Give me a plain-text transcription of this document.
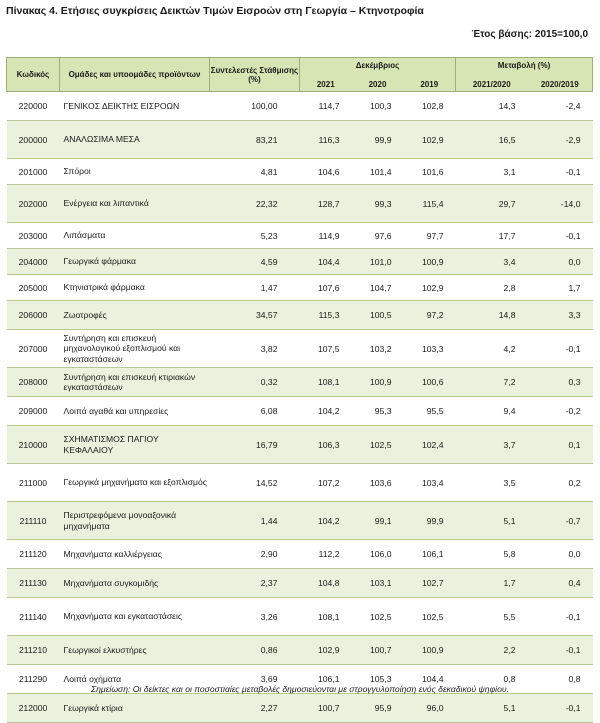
Πίνακας 4. Ετήσιες συγκρίσεις Δεικτών Τιμών Εισροών στη Γεωργία – Κτηνοτροφία
Έτος βάσης: 2015=100,0
Κωδικός	Ομάδες και υποομάδες προϊόντων	Συντελεστές Στάθμισης (%)	Δεκέμβριος			Μεταβολή (%)	
			2021	2020	2019	2021/2020	2020/2019
220000	ΓΕΝΙΚΟΣ ΔΕΙΚΤΗΣ ΕΙΣΡΟΩΝ	100,00	114,7	100,3	102,8	14,3	-2,4
200000	ΑΝΑΛΩΣΙΜΑ ΜΕΣΑ	83,21	116,3	99,9	102,9	16,5	-2,9
201000	Σπόροι	4,81	104,6	101,4	101,6	3,1	-0,1
202000	Ενέργεια και λιπαντικά	22,32	128,7	99,3	115,4	29,7	-14,0
203000	Λιπάσματα	5,23	114,9	97,6	97,7	17,7	-0,1
204000	Γεωργικά φάρμακα	4,59	104,4	101,0	100,9	3,4	0,0
205000	Κτηνιατρικά φάρμακα	1,47	107,6	104,7	102,9	2,8	1,7
206000	Ζωοτροφές	34,57	115,3	100,5	97,2	14,8	3,3
207000	Συντήρηση και επισκευή μηχανολογικού εξοπλισμού και εγκαταστάσεων	3,82	107,5	103,2	103,3	4,2	-0,1
208000	Συντήρηση και επισκευή κτιριακών εγκαταστάσεων	0,32	108,1	100,9	100,6	7,2	0,3
209000	Λοιπά αγαθά και υπηρεσίες	6,08	104,2	95,3	95,5	9,4	-0,2
210000	ΣΧΗΜΑΤΙΣΜΟΣ ΠΑΓΙΟΥ ΚΕΦΑΛΑΙΟΥ	16,79	106,3	102,5	102,4	3,7	0,1
211000	Γεωργικά μηχανήματα και εξοπλισμός	14,52	107,2	103,6	103,4	3,5	0,2
211110	Περιστρεφόμενα μονοαξονικά μηχανήματα	1,44	104,2	99,1	99,9	5,1	-0,7
211120	Μηχανήματα καλλιέργειας	2,90	112,2	106,0	106,1	5,8	0,0
211130	Μηχανήματα συγκομιδής	2,37	104,8	103,1	102,7	1,7	0,4
211140	Μηχανήματα και εγκαταστάσεις	3,26	108,1	102,5	102,5	5,5	-0,1
211210	Γεωργικοί ελκυστήρες	0,86	102,9	100,7	100,9	2,2	-0,1
211290	Λοιπά οχήματα	3,69	106,1	105,3	104,4	0,8	0,8
212000	Γεωργικά κτίρια	2,27	100,7	95,9	96,0	5,1	-0,1
Σημείωση: Οι δείκτες και οι ποσοστιαίες μεταβολές δημοσιεύονται με στρογγυλοποίηση ενός δεκαδικού ψηφίου.
